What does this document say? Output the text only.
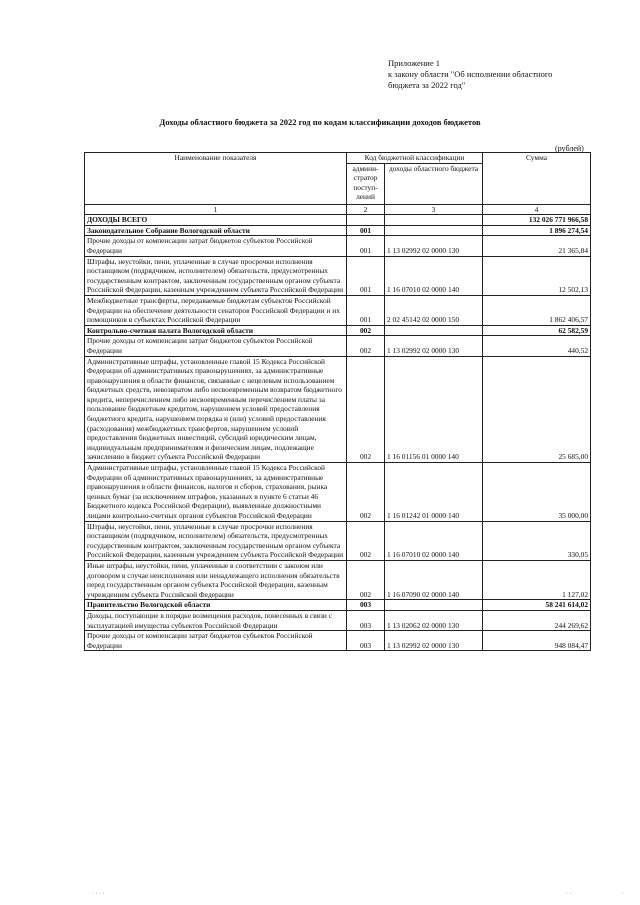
Приложение 1
к закону области "Об исполнении областного
бюджета за 2022 год"
Доходы областного бюджета за 2022 год по кодам классификации доходов бюджетов
(рублей)
Наименование показателя	Код бюджетной классификации		Сумма
	админи-стратор поступ-лений	доходы областного бюджета	
1	2	3	4
ДОХОДЫ ВСЕГО			132 026 771 966,58
Законодательное Собрание Вологодской области	001		1 896 274,54
Прочие доходы от компенсации затрат бюджетов субъектов Российской Федерации	001	1 13 02992 02 0000 130	21 365,84
Штрафы, неустойки, пени, уплаченные в случае просрочки исполнения поставщиком (подрядчиком, исполнителем) обязательств, предусмотренных государственным контрактом, заключенным государственным органом субъекта Российской Федерации, казенным учреждением субъекта Российской Федерации	001	1 16 07010 02 0000 140	12 502,13
Межбюджетные трансферты, передаваемые бюджетам субъектов Российской Федерации на обеспечение деятельности сенаторов Российской Федерации и их помощников в субъектах Российской Федерации	001	2 02 45142 02 0000 150	1 862 406,57
Контрольно-счетная палата Вологодской области	002		62 582,59
Прочие доходы от компенсации затрат бюджетов субъектов Российской Федерации	002	1 13 02992 02 0000 130	440,52
Административные штрафы, установленные главой 15 Кодекса Российской Федерации об административных правонарушениях, за административные правонарушения в области финансов, связанные с нецелевым использованием бюджетных средств, невозвратом либо несвоевременным возвратом бюджетного кредита, неперечислением либо несвоевременным перечислением платы за пользование бюджетным кредитом, нарушением условий предоставления бюджетного кредита, нарушением порядка и (или) условий предоставления (расходования) межбюджетных трансфертов, нарушением условий предоставления бюджетных инвестиций, субсидий юридическим лицам, индивидуальным предпринимателям и физическим лицам, подлежащие зачислению в бюджет субъекта Российской Федерации	002	1 16 01156 01 0000 140	25 685,00
Административные штрафы, установленные главой 15 Кодекса Российской Федерации об административных правонарушениях, за административные правонарушения в области финансов, налогов и сборов, страхования, рынка ценных бумаг (за исключением штрафов, указанных в пункте 6 статьи 46 Бюджетного кодекса Российской Федерации), выявленные должностными лицами контрольно-счетных органов субъектов Российской Федерации	002	1 16 01242 01 0000 140	35 000,00
Штрафы, неустойки, пени, уплаченные в случае просрочки исполнения поставщиком (подрядчиком, исполнителем) обязательств, предусмотренных государственным контрактом, заключенным государственным органом субъекта Российской Федерации, казенным учреждением субъекта Российской Федерации	002	1 16 07010 02 0000 140	330,05
Иные штрафы, неустойки, пени, уплаченные в соответствии с законом или договором в случае неисполнения или ненадлежащего исполнения обязательств перед государственным органом субъекта Российской Федерации, казенным учреждением субъекта Российской Федерации	002	1 16 07090 02 0000 140	1 127,02
Правительство Вологодской области	003		58 241 614,02
Доходы, поступающие в порядке возмещения расходов, понесенных в связи с эксплуатацией имущества субъектов Российской Федерации	003	1 13 02062 02 0000 130	244 269,62
Прочие доходы от компенсации затрат бюджетов субъектов Российской Федерации	003	1 13 02992 02 0000 130	948 084,47
· · · ·	· ·	·
